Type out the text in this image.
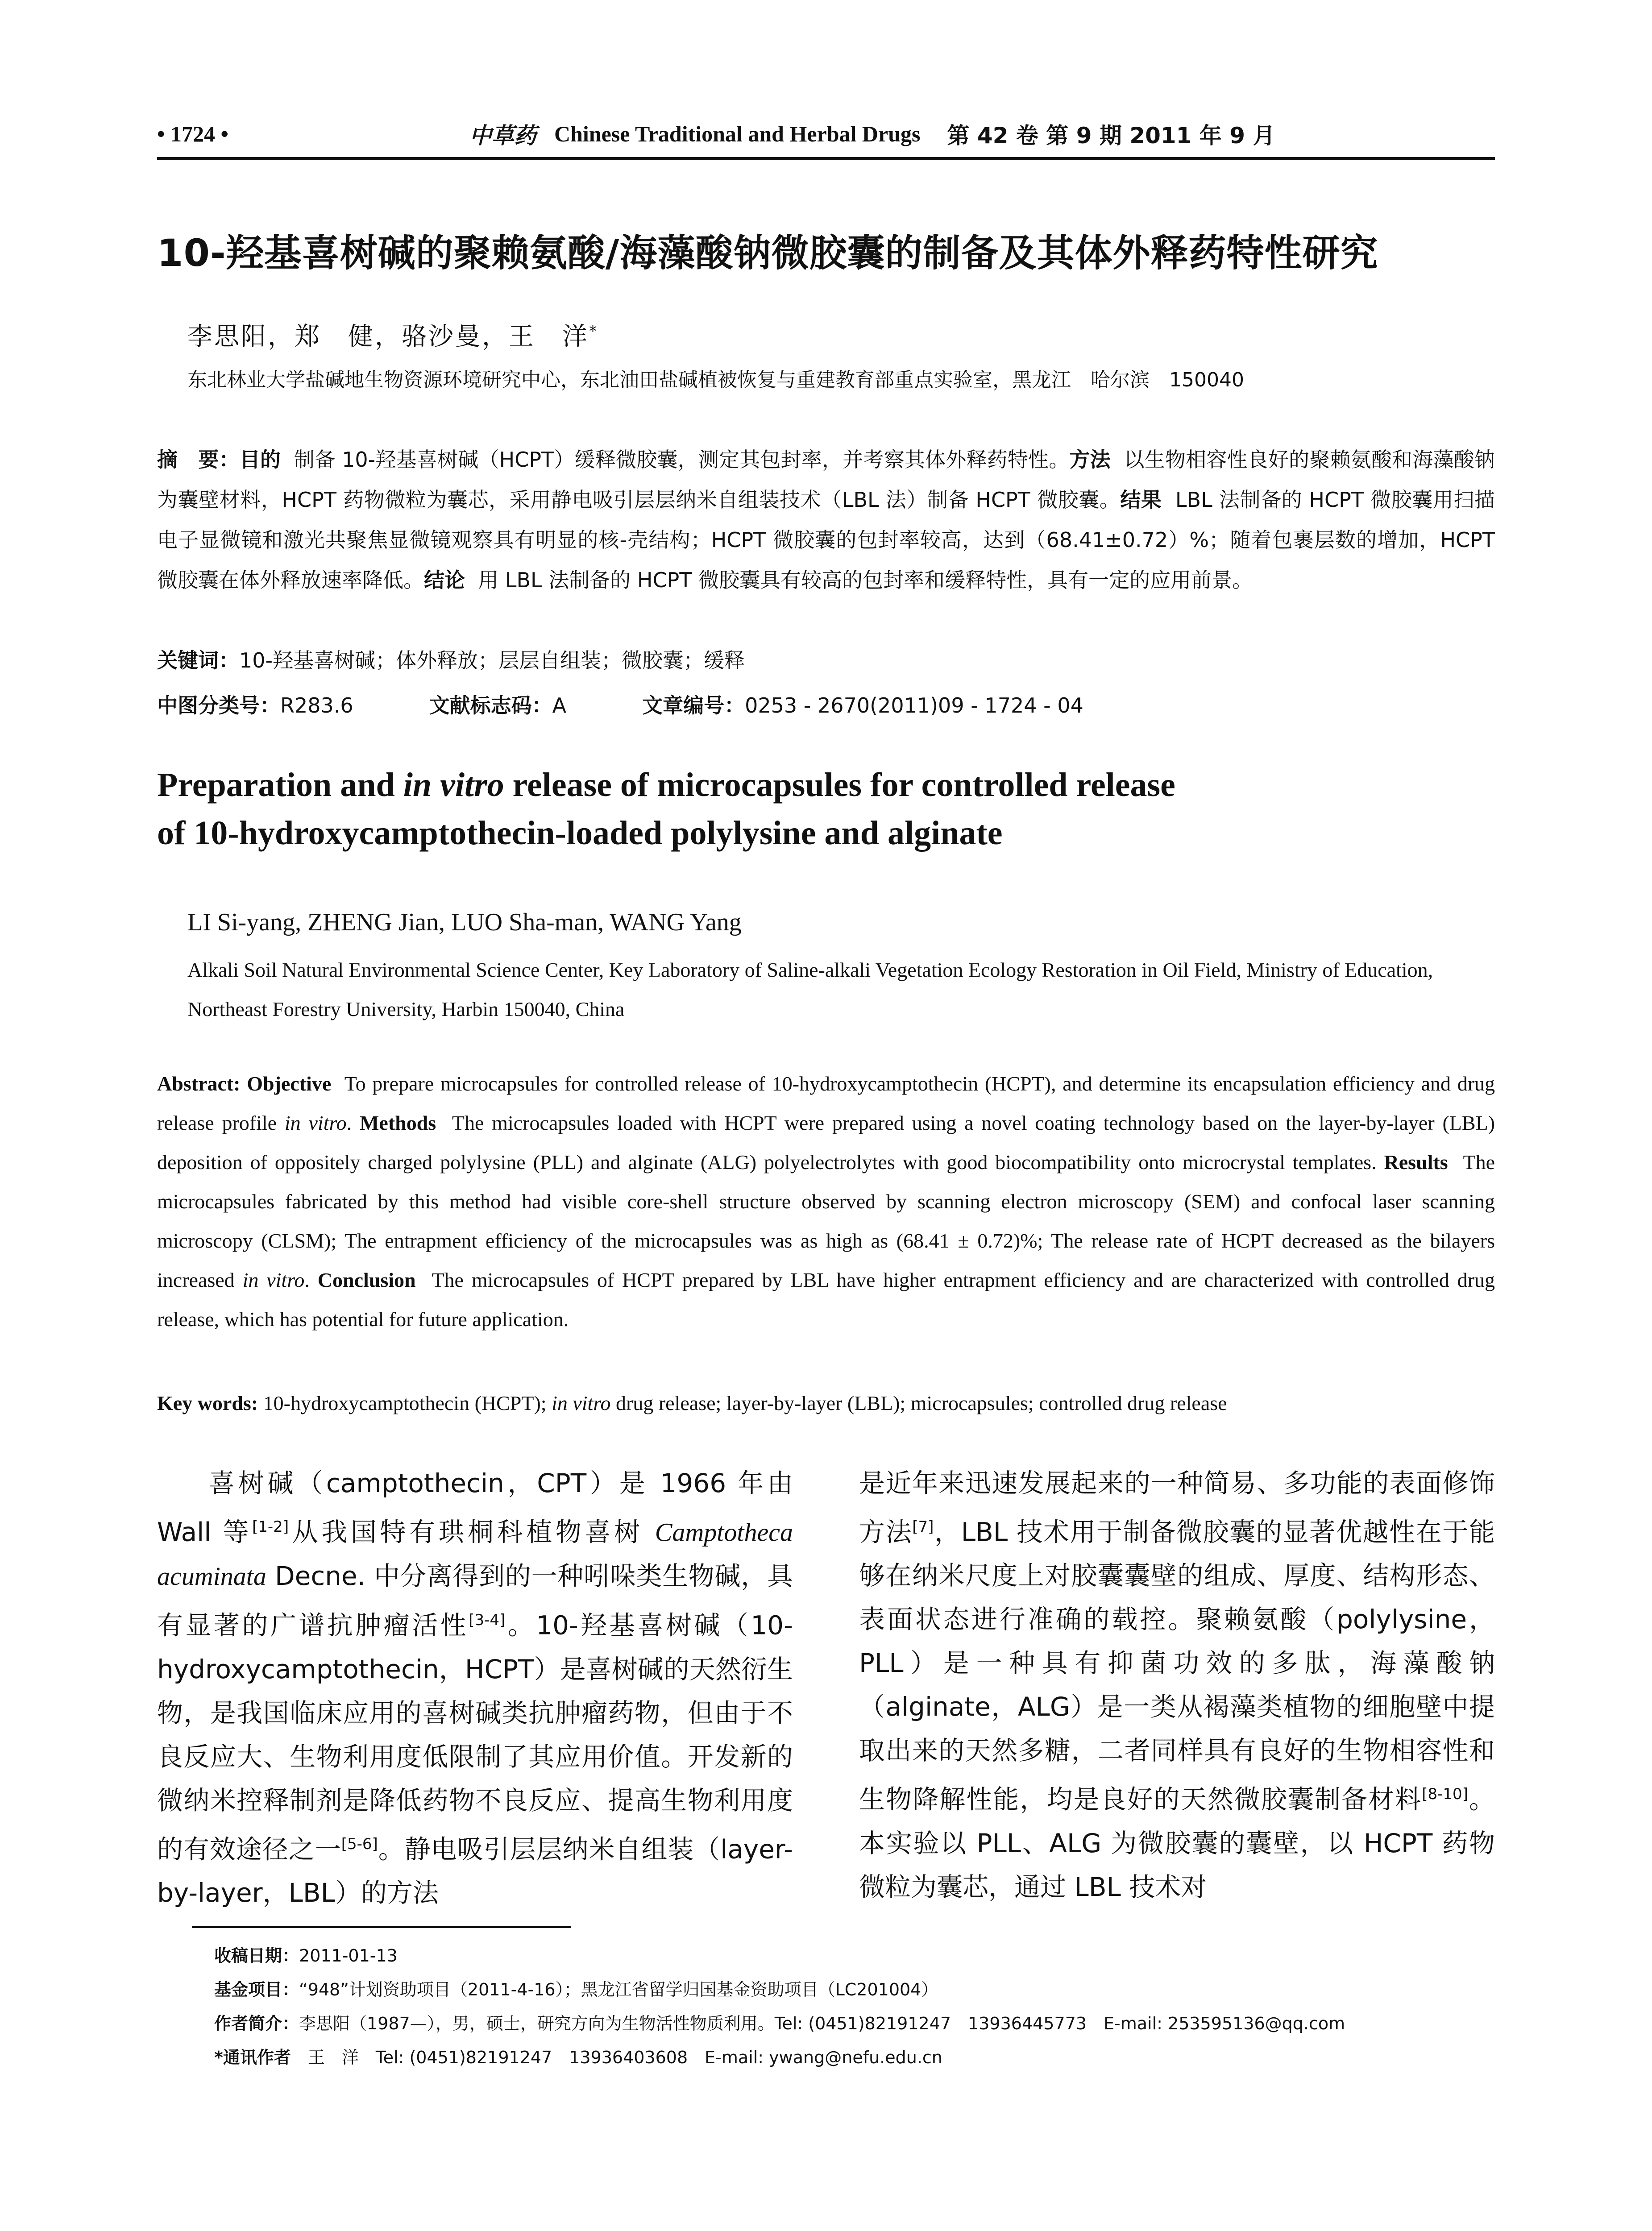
• 1724 •	中草药 Chinese Traditional and Herbal Drugs 第 42 卷 第 9 期 2011 年 9 月
10-羟基喜树碱的聚赖氨酸/海藻酸钠微胶囊的制备及其体外释药特性研究
李思阳，郑　健，骆沙曼，王　洋*
东北林业大学盐碱地生物资源环境研究中心，东北油田盐碱植被恢复与重建教育部重点实验室，黑龙江　哈尔滨　150040
摘　要：目的 制备 10-羟基喜树碱（HCPT）缓释微胶囊，测定其包封率，并考察其体外释药特性。方法 以生物相容性良好的聚赖氨酸和海藻酸钠为囊壁材料，HCPT 药物微粒为囊芯，采用静电吸引层层纳米自组装技术（LBL 法）制备 HCPT 微胶囊。结果 LBL 法制备的 HCPT 微胶囊用扫描电子显微镜和激光共聚焦显微镜观察具有明显的核-壳结构；HCPT 微胶囊的包封率较高，达到（68.41±0.72）%；随着包裹层数的增加，HCPT 微胶囊在体外释放速率降低。结论 用 LBL 法制备的 HCPT 微胶囊具有较高的包封率和缓释特性，具有一定的应用前景。
关键词：10-羟基喜树碱；体外释放；层层自组装；微胶囊；缓释
中图分类号：R283.6	文献标志码：A	文章编号：0253 - 2670(2011)09 - 1724 - 04
Preparation and in vitro release of microcapsules for controlled release
of 10-hydroxycamptothecin-loaded polylysine and alginate
LI Si-yang, ZHENG Jian, LUO Sha-man, WANG Yang
Alkali Soil Natural Environmental Science Center, Key Laboratory of Saline-alkali Vegetation Ecology Restoration in Oil Field, Ministry of Education, Northeast Forestry University, Harbin 150040, China
Abstract: Objective To prepare microcapsules for controlled release of 10-hydroxycamptothecin (HCPT), and determine its encapsulation efficiency and drug release profile in vitro. Methods The microcapsules loaded with HCPT were prepared using a novel coating technology based on the layer-by-layer (LBL) deposition of oppositely charged polylysine (PLL) and alginate (ALG) polyelectrolytes with good biocompatibility onto microcrystal templates. Results The microcapsules fabricated by this method had visible core-shell structure observed by scanning electron microscopy (SEM) and confocal laser scanning microscopy (CLSM); The entrapment efficiency of the microcapsules was as high as (68.41 ± 0.72)%; The release rate of HCPT decreased as the bilayers increased in vitro. Conclusion The microcapsules of HCPT prepared by LBL have higher entrapment efficiency and are characterized with controlled drug release, which has potential for future application.
Key words: 10-hydroxycamptothecin (HCPT); in vitro drug release; layer-by-layer (LBL); microcapsules; controlled drug release
喜树碱（camptothecin，CPT）是 1966 年由 Wall 等[1-2]从我国特有珙桐科植物喜树 Camptotheca acuminata Decne. 中分离得到的一种吲哚类生物碱，具有显著的广谱抗肿瘤活性[3-4]。10-羟基喜树碱（10-hydroxycamptothecin，HCPT）是喜树碱的天然衍生物，是我国临床应用的喜树碱类抗肿瘤药物，但由于不良反应大、生物利用度低限制了其应用价值。开发新的微纳米控释制剂是降低药物不良反应、提高生物利用度的有效途径之一[5-6]。静电吸引层层纳米自组装（layer-by-layer，LBL）的方法
是近年来迅速发展起来的一种简易、多功能的表面修饰方法[7]，LBL 技术用于制备微胶囊的显著优越性在于能够在纳米尺度上对胶囊囊壁的组成、厚度、结构形态、表面状态进行准确的载控。聚赖氨酸（polylysine，PLL）是一种具有抑菌功效的多肽，海藻酸钠（alginate，ALG）是一类从褐藻类植物的细胞壁中提取出来的天然多糖，二者同样具有良好的生物相容性和生物降解性能，均是良好的天然微胶囊制备材料[8-10]。本实验以 PLL、ALG 为微胶囊的囊壁，以 HCPT 药物微粒为囊芯，通过 LBL 技术对
收稿日期：2011-01-13
基金项目：“948”计划资助项目（2011-4-16）；黑龙江省留学归国基金资助项目（LC201004）
作者简介：李思阳（1987—），男，硕士，研究方向为生物活性物质利用。Tel: (0451)82191247　13936445773　E-mail: 253595136@qq.com
*通讯作者　王　洋　Tel: (0451)82191247　13936403608　E-mail: ywang@nefu.edu.cn
